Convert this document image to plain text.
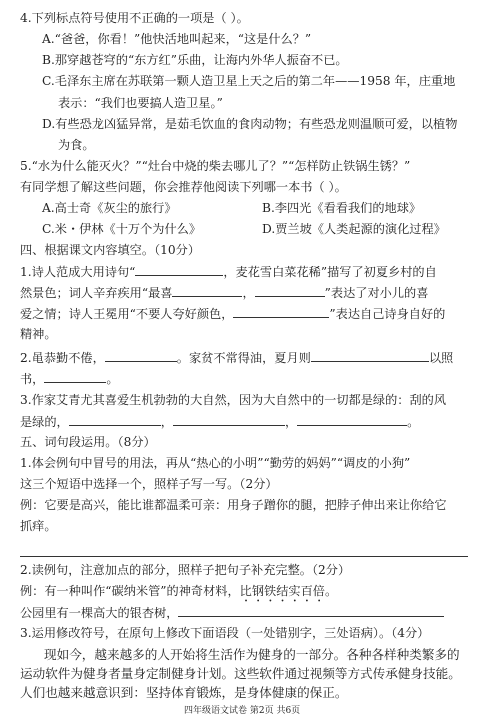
4.下列标点符号使用不正确的一项是（ ）。
A.“爸爸，你看！”他快活地叫起来，“这是什么？”
B.那穿越苍穹的“东方红”乐曲，让海内外华人振奋不已。
C.毛泽东主席在苏联第一颗人造卫星上天之后的第二年——1958 年，庄重地
表示：“我们也要搞人造卫星。”
D.有些恐龙凶猛异常，是茹毛饮血的食肉动物；有些恐龙则温顺可爱，以植物
为食。
5.“水为什么能灭火？”“灶台中烧的柴去哪儿了？”“怎样防止铁锅生锈？”
有同学想了解这些问题，你会推荐他阅读下列哪一本书（ ）。
A.高士奇《灰尘的旅行》	B.李四光《看看我们的地球》
C.米・伊林《十万个为什么》	D.贾兰坡《人类起源的演化过程》
四、根据课文内容填空。（10分）
1.诗人范成大用诗句“	，麦花雪白菜花稀”描写了初夏乡村的自
然景色；词人辛弃疾用“最喜	，	”表达了对小儿的喜
爱之情；诗人王冕用“不要人夸好颜色，	”表达自己诗身自好的
精神。
2.黾恭勤不倦，	。家贫不常得油，夏月则	以照
书，	。
3.作家艾青尤其喜爱生机勃勃的大自然，因为大自然中的一切都是绿的：刮的风
是绿的，	，	，	。
五、词句段运用。（8分）
1.体会例句中冒号的用法，再从“热心的小明”“勤劳的妈妈”“调皮的小狗”
这三个短语中选择一个，照样子写一写。（2分）
例：它要是高兴，能比谁都温柔可亲：用身子蹭你的腿，把脖子伸出来让你给它
抓痒。
2.读例句，注意加点的部分，照样子把句子补充完整。（2分）
例：有一种叫作“碳纳米管”的神奇材料，比钢铁结实百倍。
公园里有一棵高大的银杏树，
3.运用修改符号，在原句上修改下面语段（一处错别字，三处语病）。（4分）
现如今，越来越多的人开始将生活作为健身的一部分。各种各样种类繁多的
四年级语文试卷 第2页 共6页
运动软件为健身者量身定制健身计划。这些软件通过视频等方式传承健身技能。
人们也越来越意识到：坚持体育锻炼，是身体健康的保正。
